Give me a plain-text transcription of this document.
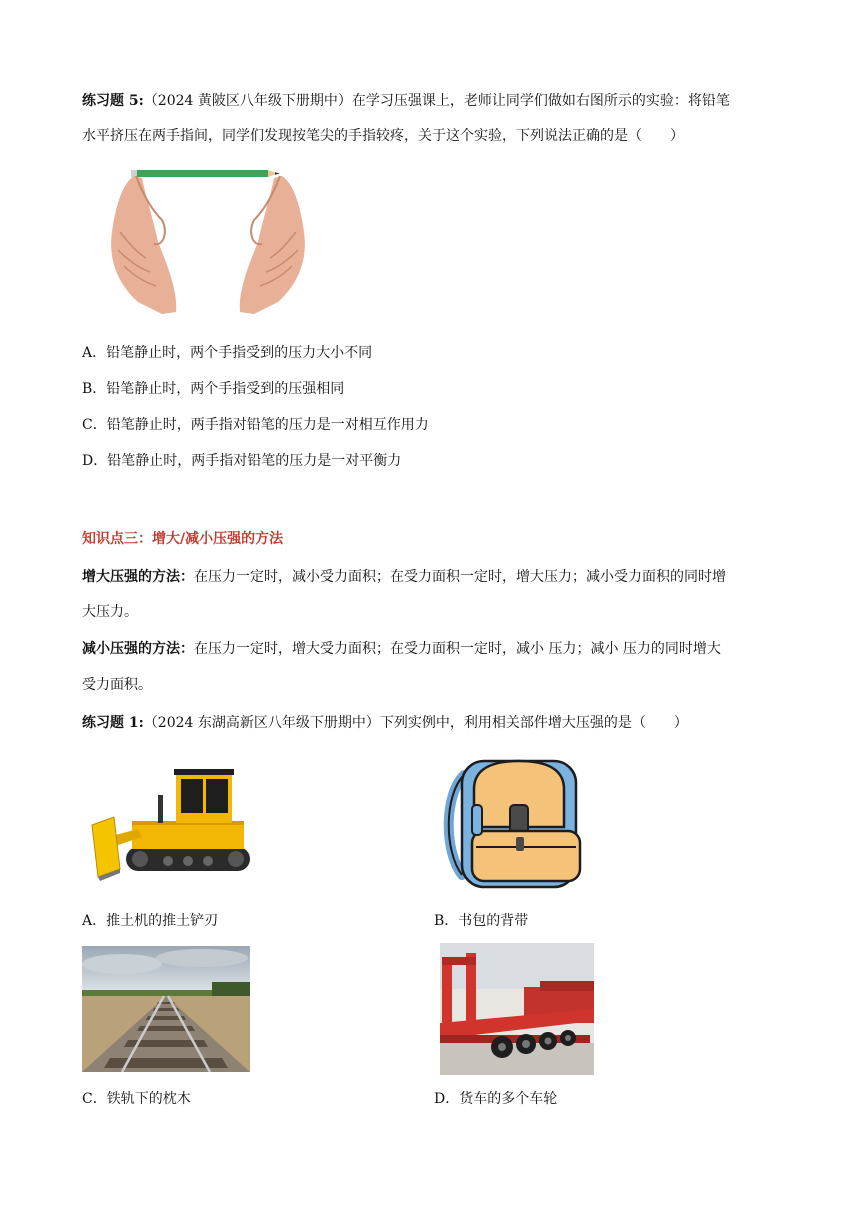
练习题 5:（2024 黄陂区八年级下册期中）在学习压强课上，老师让同学们做如右图所示的实验：将铅笔
水平挤压在两手指间，同学们发现按笔尖的手指较疼，关于这个实验，下列说法正确的是（　　）
A．铅笔静止时，两个手指受到的压力大小不同
B．铅笔静止时，两个手指受到的压强相同
C．铅笔静止时，两手指对铅笔的压力是一对相互作用力
D．铅笔静止时，两手指对铅笔的压力是一对平衡力
知识点三：增大/减小压强的方法
增大压强的方法：在压力一定时，减小受力面积；在受力面积一定时，增大压力；减小受力面积的同时增
大压力。
减小压强的方法：在压力一定时，增大受力面积；在受力面积一定时，减小 压力；减小 压力的同时增大
受力面积。
练习题 1:（2024 东湖高新区八年级下册期中）下列实例中，利用相关部件增大压强的是（　　）
A．推土机的推土铲刃	B．书包的背带
C．铁轨下的枕木	D．货车的多个车轮
